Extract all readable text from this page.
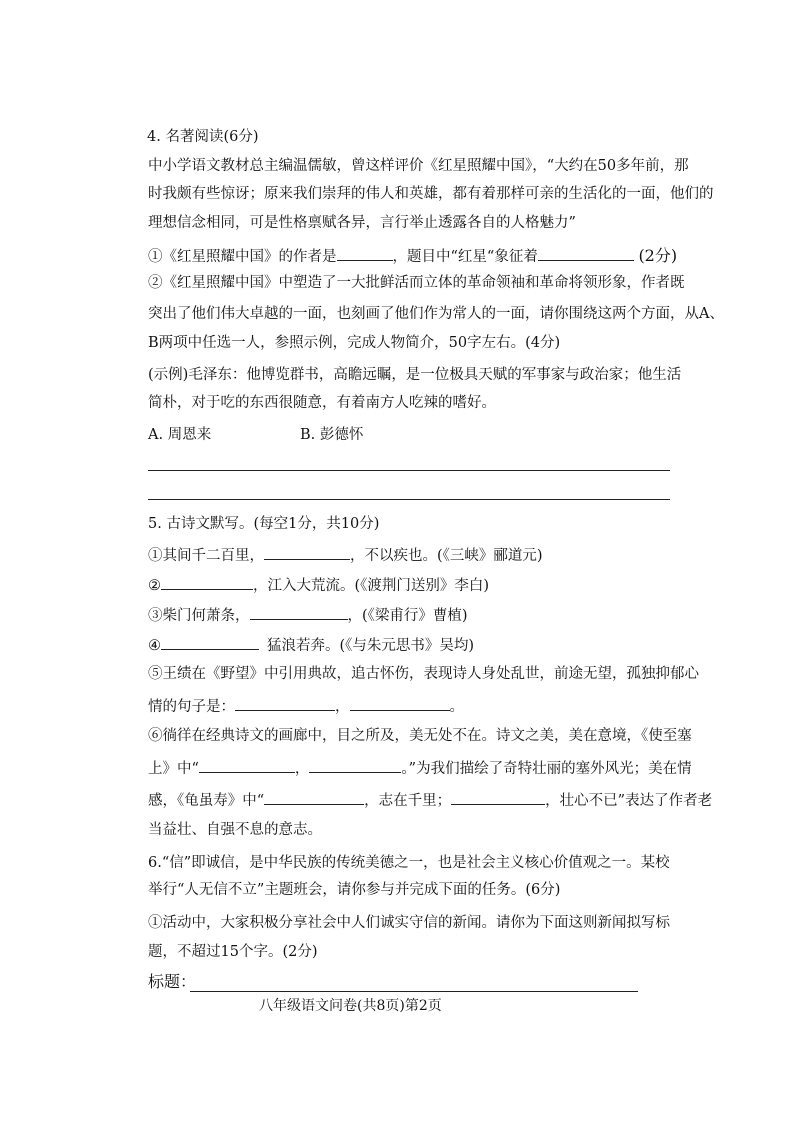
4. 名著阅读(6分)
中小学语文教材总主编温儒敏，曾这样评价《红星照耀中国》，“大约在50多年前，那
时我颇有些惊讶；原来我们崇拜的伟人和英雄，都有着那样可亲的生活化的一面，他们的
理想信念相同，可是性格禀赋各异，言行举止透露各自的人格魅力”
①《红星照耀中国》的作者是	，题目中“红星“象征着	(2分)
②《红星照耀中国》中塑造了一大批鲜活而立体的革命领袖和革命将领形象，作者既
突出了他们伟大卓越的一面，也刻画了他们作为常人的一面，请你围绕这两个方面，从A、
B两项中任选一人，参照示例，完成人物简介，50字左右。(4分)
(示例)毛泽东：他博览群书，高瞻远瞩，是一位极具天赋的军事家与政治家；他生活
简朴，对于吃的东西很随意，有着南方人吃辣的嗜好。
A. 周恩来	B. 彭德怀
5. 古诗文默写。(每空1分，共10分)
①其间千二百里，	，不以疾也。(《三峡》郦道元)
②	，江入大荒流。(《渡荆门送别》李白)
③柴门何萧条，	，(《梁甫行》曹植)
④	猛浪若奔。(《与朱元思书》吴均)
⑤王绩在《野望》中引用典故，追古怀伤，表现诗人身处乱世，前途无望，孤独抑郁心
情的句子是：	，	。
⑥徜徉在经典诗文的画廊中，目之所及，美无处不在。诗文之美，美在意境，《使至塞
上》中“	，	。”为我们描绘了奇特壮丽的塞外风光；美在情
感，《龟虽寿》中“	，志在千里；	，壮心不已”表达了作者老
当益壮、自强不息的意志。
6.“信”即诚信，是中华民族的传统美德之一，也是社会主义核心价值观之一。某校
举行“人无信不立”主题班会，请你参与并完成下面的任务。(6分)
①活动中，大家积极分享社会中人们诚实守信的新闻。请你为下面这则新闻拟写标
题，不超过15个字。(2分)
标题：
八年级语文问卷(共8页)第2页
